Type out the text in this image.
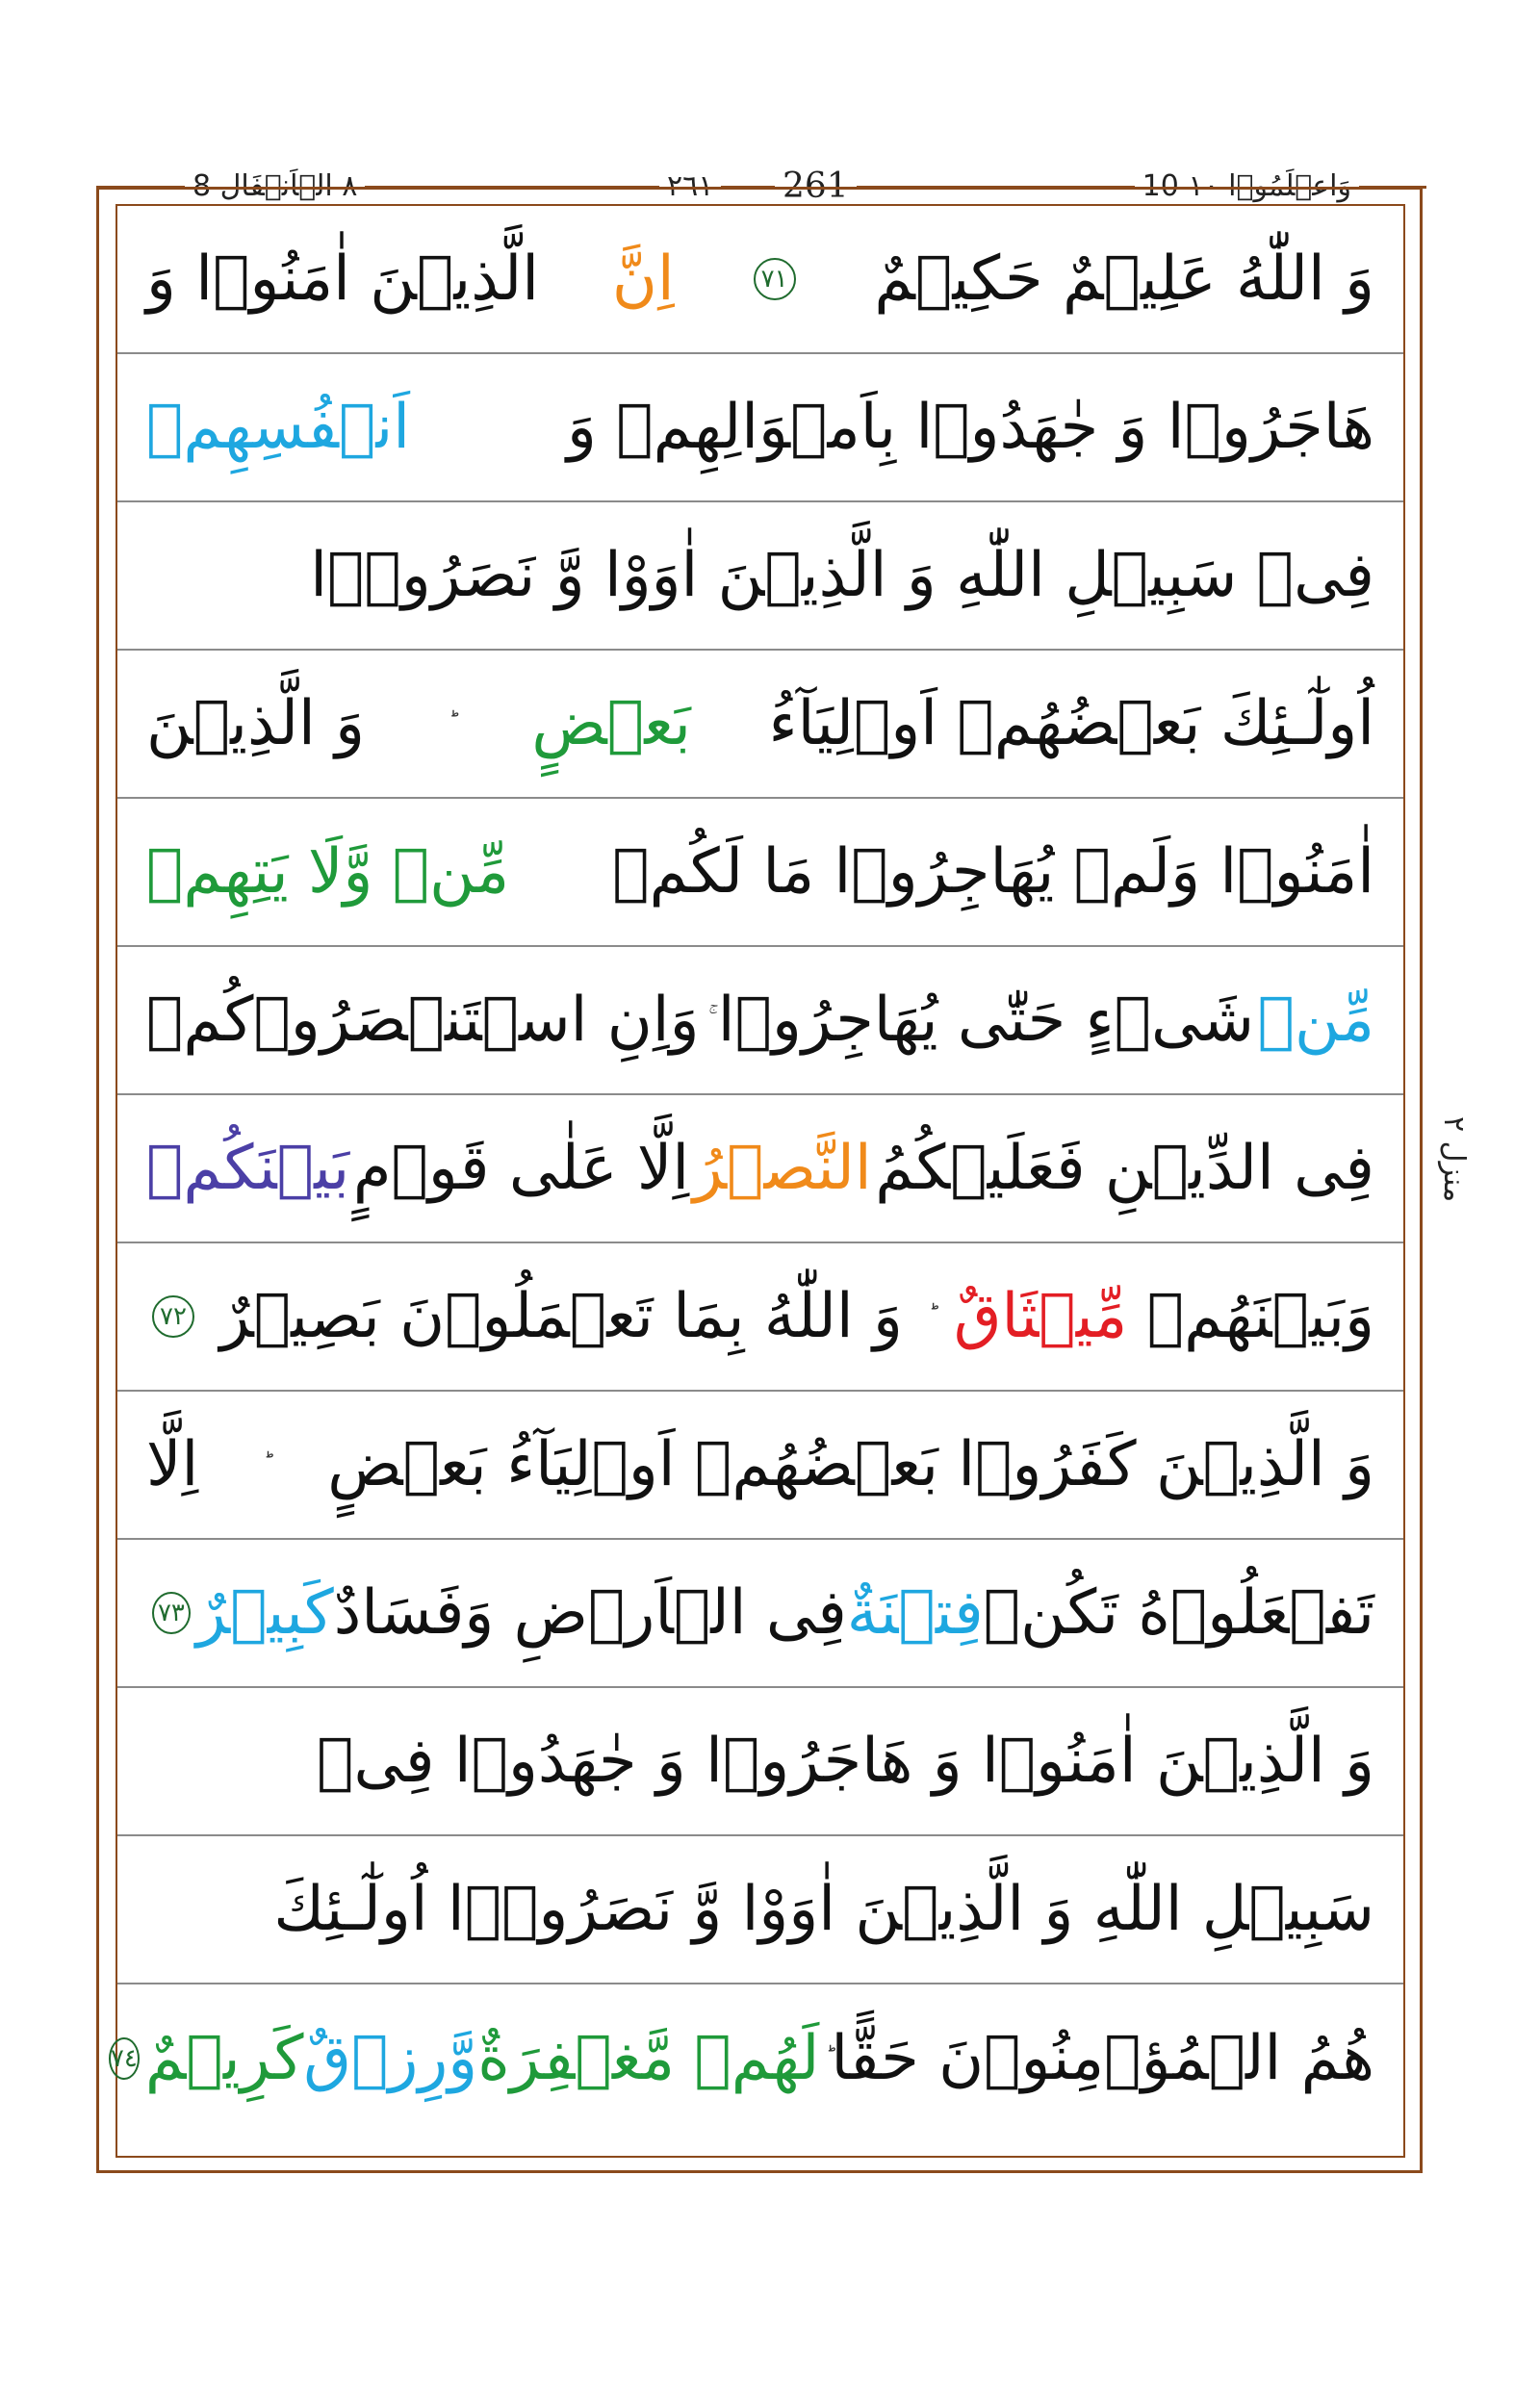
٨ الۡاَنۡفَال 8	٢٦١ 261	10 وَاعۡلَمُوۡا ١٠
وَ اللّٰهُ عَلِيۡمٌ حَكِيۡمٌ
٧١
اِنَّ
الَّذِيۡنَ اٰمَنُوۡا وَ
هَاجَرُوۡا وَ جٰهَدُوۡا بِاَمۡوَالِهِمۡ وَ
اَنۡفُسِهِمۡ
فِىۡ سَبِيۡلِ اللّٰهِ وَ الَّذِيۡنَ اٰوَوْا وَّ نَصَرُوۡۤا
اُولٰٓـئِكَ بَعۡضُهُمۡ اَوۡلِيَآءُ
بَعۡضٍ
وَ الَّذِيۡنَ
اٰمَنُوۡا وَلَمۡ يُهَاجِرُوۡا مَا لَكُمۡ
مِّنۡ وَّلَا يَتِهِمۡ
مِّنۡ
شَىۡءٍ حَتّٰى يُهَاجِرُوۡا
وَاِنِ اسۡتَنۡصَرُوۡكُمۡ
فِى الدِّيۡنِ فَعَلَيۡكُمُ
النَّصۡرُ
اِلَّا عَلٰى قَوۡمٍ
بَيۡنَكُمۡ
وَبَيۡنَهُمۡ
مِّيۡثَاقٌ
وَ اللّٰهُ بِمَا تَعۡمَلُوۡنَ بَصِيۡرٌ
٧٢
وَ الَّذِيۡنَ كَفَرُوۡا بَعۡضُهُمۡ اَوۡلِيَآءُ بَعۡضٍ
اِلَّا
تَفۡعَلُوۡهُ تَكُنۡ
فِتۡنَةٌ
فِى الۡاَرۡضِ وَفَسَادٌ
كَبِيۡرٌ
٧٣
وَ الَّذِيۡنَ اٰمَنُوۡا وَ هَاجَرُوۡا وَ جٰهَدُوۡا فِىۡ
سَبِيۡلِ اللّٰهِ وَ الَّذِيۡنَ اٰوَوْا وَّ نَصَرُوۡۤا اُولٰٓـئِكَ
هُمُ الۡمُؤۡمِنُوۡنَ حَقًّا
لَهُمۡ مَّغۡفِرَةٌ
وَّرِزۡقٌ
كَرِيۡمٌ
٧٤
منزل ٢
